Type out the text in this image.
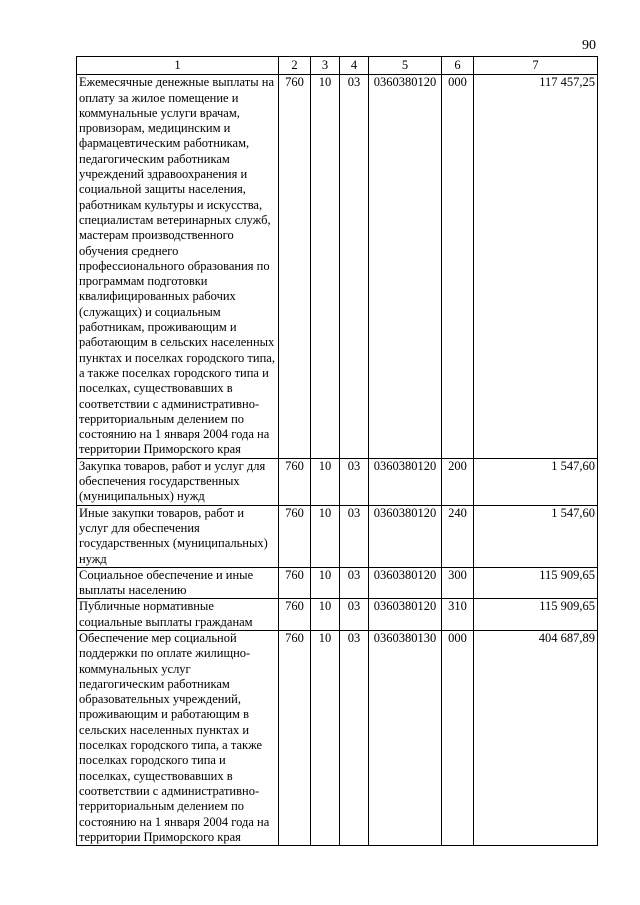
90
1	2	3	4	5	6	7
Ежемесячные денежные выплаты на оплату за жилое помещение и коммунальные услуги врачам, провизорам, медицинским и фармацевтическим работникам, педагогическим работникам учреждений здравоохранения и социальной защиты населения, работникам культуры и искусства, специалистам ветеринарных служб, мастерам производственного обучения среднего профессионального образования по программам подготовки квалифицированных рабочих (служащих) и социальным работникам, проживающим и работающим в сельских населенных пунктах и поселках городского типа, а также поселках городского типа и поселках, существовавших в соответствии с административно-территориальным делением по состоянию на 1 января 2004 года на территории Приморского края	760	10	03	0360380120	000	117 457,25
Закупка товаров, работ и услуг для обеспечения государственных (муниципальных) нужд	760	10	03	0360380120	200	1 547,60
Иные закупки товаров, работ и услуг для обеспечения государственных (муниципальных) нужд	760	10	03	0360380120	240	1 547,60
Социальное обеспечение и иные выплаты населению	760	10	03	0360380120	300	115 909,65
Публичные нормативные социальные выплаты гражданам	760	10	03	0360380120	310	115 909,65
Обеспечение мер социальной поддержки по оплате жилищно-коммунальных услуг педагогическим работникам образовательных учреждений, проживающим и работающим в сельских населенных пунктах и поселках городского типа, а также поселках городского типа и поселках, существовавших в соответствии с административно-территориальным делением по состоянию на 1 января 2004 года на территории Приморского края	760	10	03	0360380130	000	404 687,89
